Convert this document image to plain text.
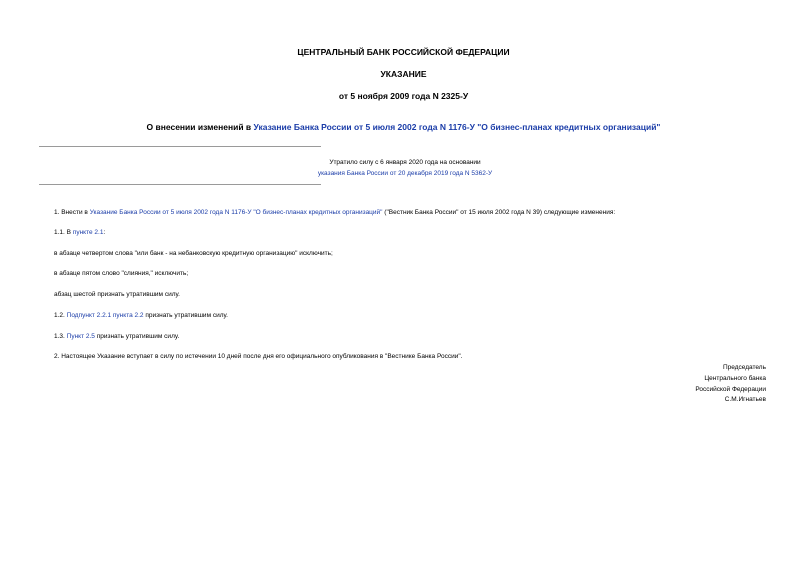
ЦЕНТРАЛЬНЫЙ БАНК РОССИЙСКОЙ ФЕДЕРАЦИИ
УКАЗАНИЕ
от 5 ноября 2009 года N 2325-У
О внесении изменений в Указание Банка России от 5 июля 2002 года N 1176-У "О бизнес-планах кредитных организаций"
Утратило силу с 6 января 2020 года на основании
указания Банка России от 20 декабря 2019 года N 5362-У
1. Внести в Указание Банка России от 5 июля 2002 года N 1176-У "О бизнес-планах кредитных организаций" ("Вестник Банка России" от 15 июля 2002 года N 39) следующие изменения:
1.1. В пункте 2.1:
в абзаце четвертом слова "или банк - на небанковскую кредитную организацию" исключить;
в абзаце пятом слово "слияния," исключить;
абзац шестой признать утратившим силу.
1.2. Подпункт 2.2.1 пункта 2.2 признать утратившим силу.
1.3. Пункт 2.5 признать утратившим силу.
2. Настоящее Указание вступает в силу по истечении 10 дней после дня его официального опубликования в "Вестнике Банка России".
Председатель
Центрального банка
Российской Федерации
С.М.Игнатьев
